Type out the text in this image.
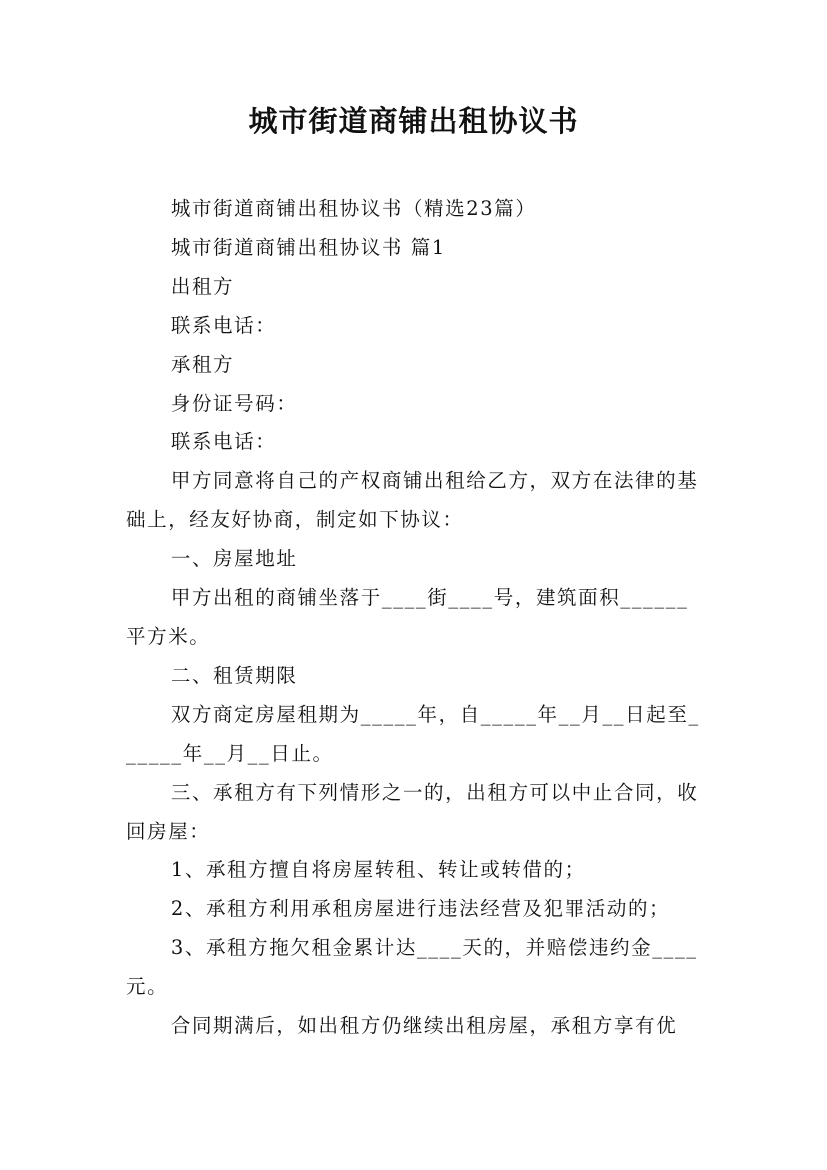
城市街道商铺出租协议书

城市街道商铺出租协议书（精选23篇）

城市街道商铺出租协议书 篇1

出租方

联系电话：

承租方

身份证号码：

联系电话：

甲方同意将自己的产权商铺出租给乙方，双方在法律的基础上，经友好协商，制定如下协议：

一、房屋地址

甲方出租的商铺坐落于____街____号，建筑面积______平方米。

二、租赁期限

双方商定房屋租期为_____年，自_____年__月__日起至______年__月__日止。

三、承租方有下列情形之一的，出租方可以中止合同，收回房屋：

1、承租方擅自将房屋转租、转让或转借的；

2、承租方利用承租房屋进行违法经营及犯罪活动的；

3、承租方拖欠租金累计达____天的，并赔偿违约金____元。

合同期满后，如出租方仍继续出租房屋，承租方享有优
